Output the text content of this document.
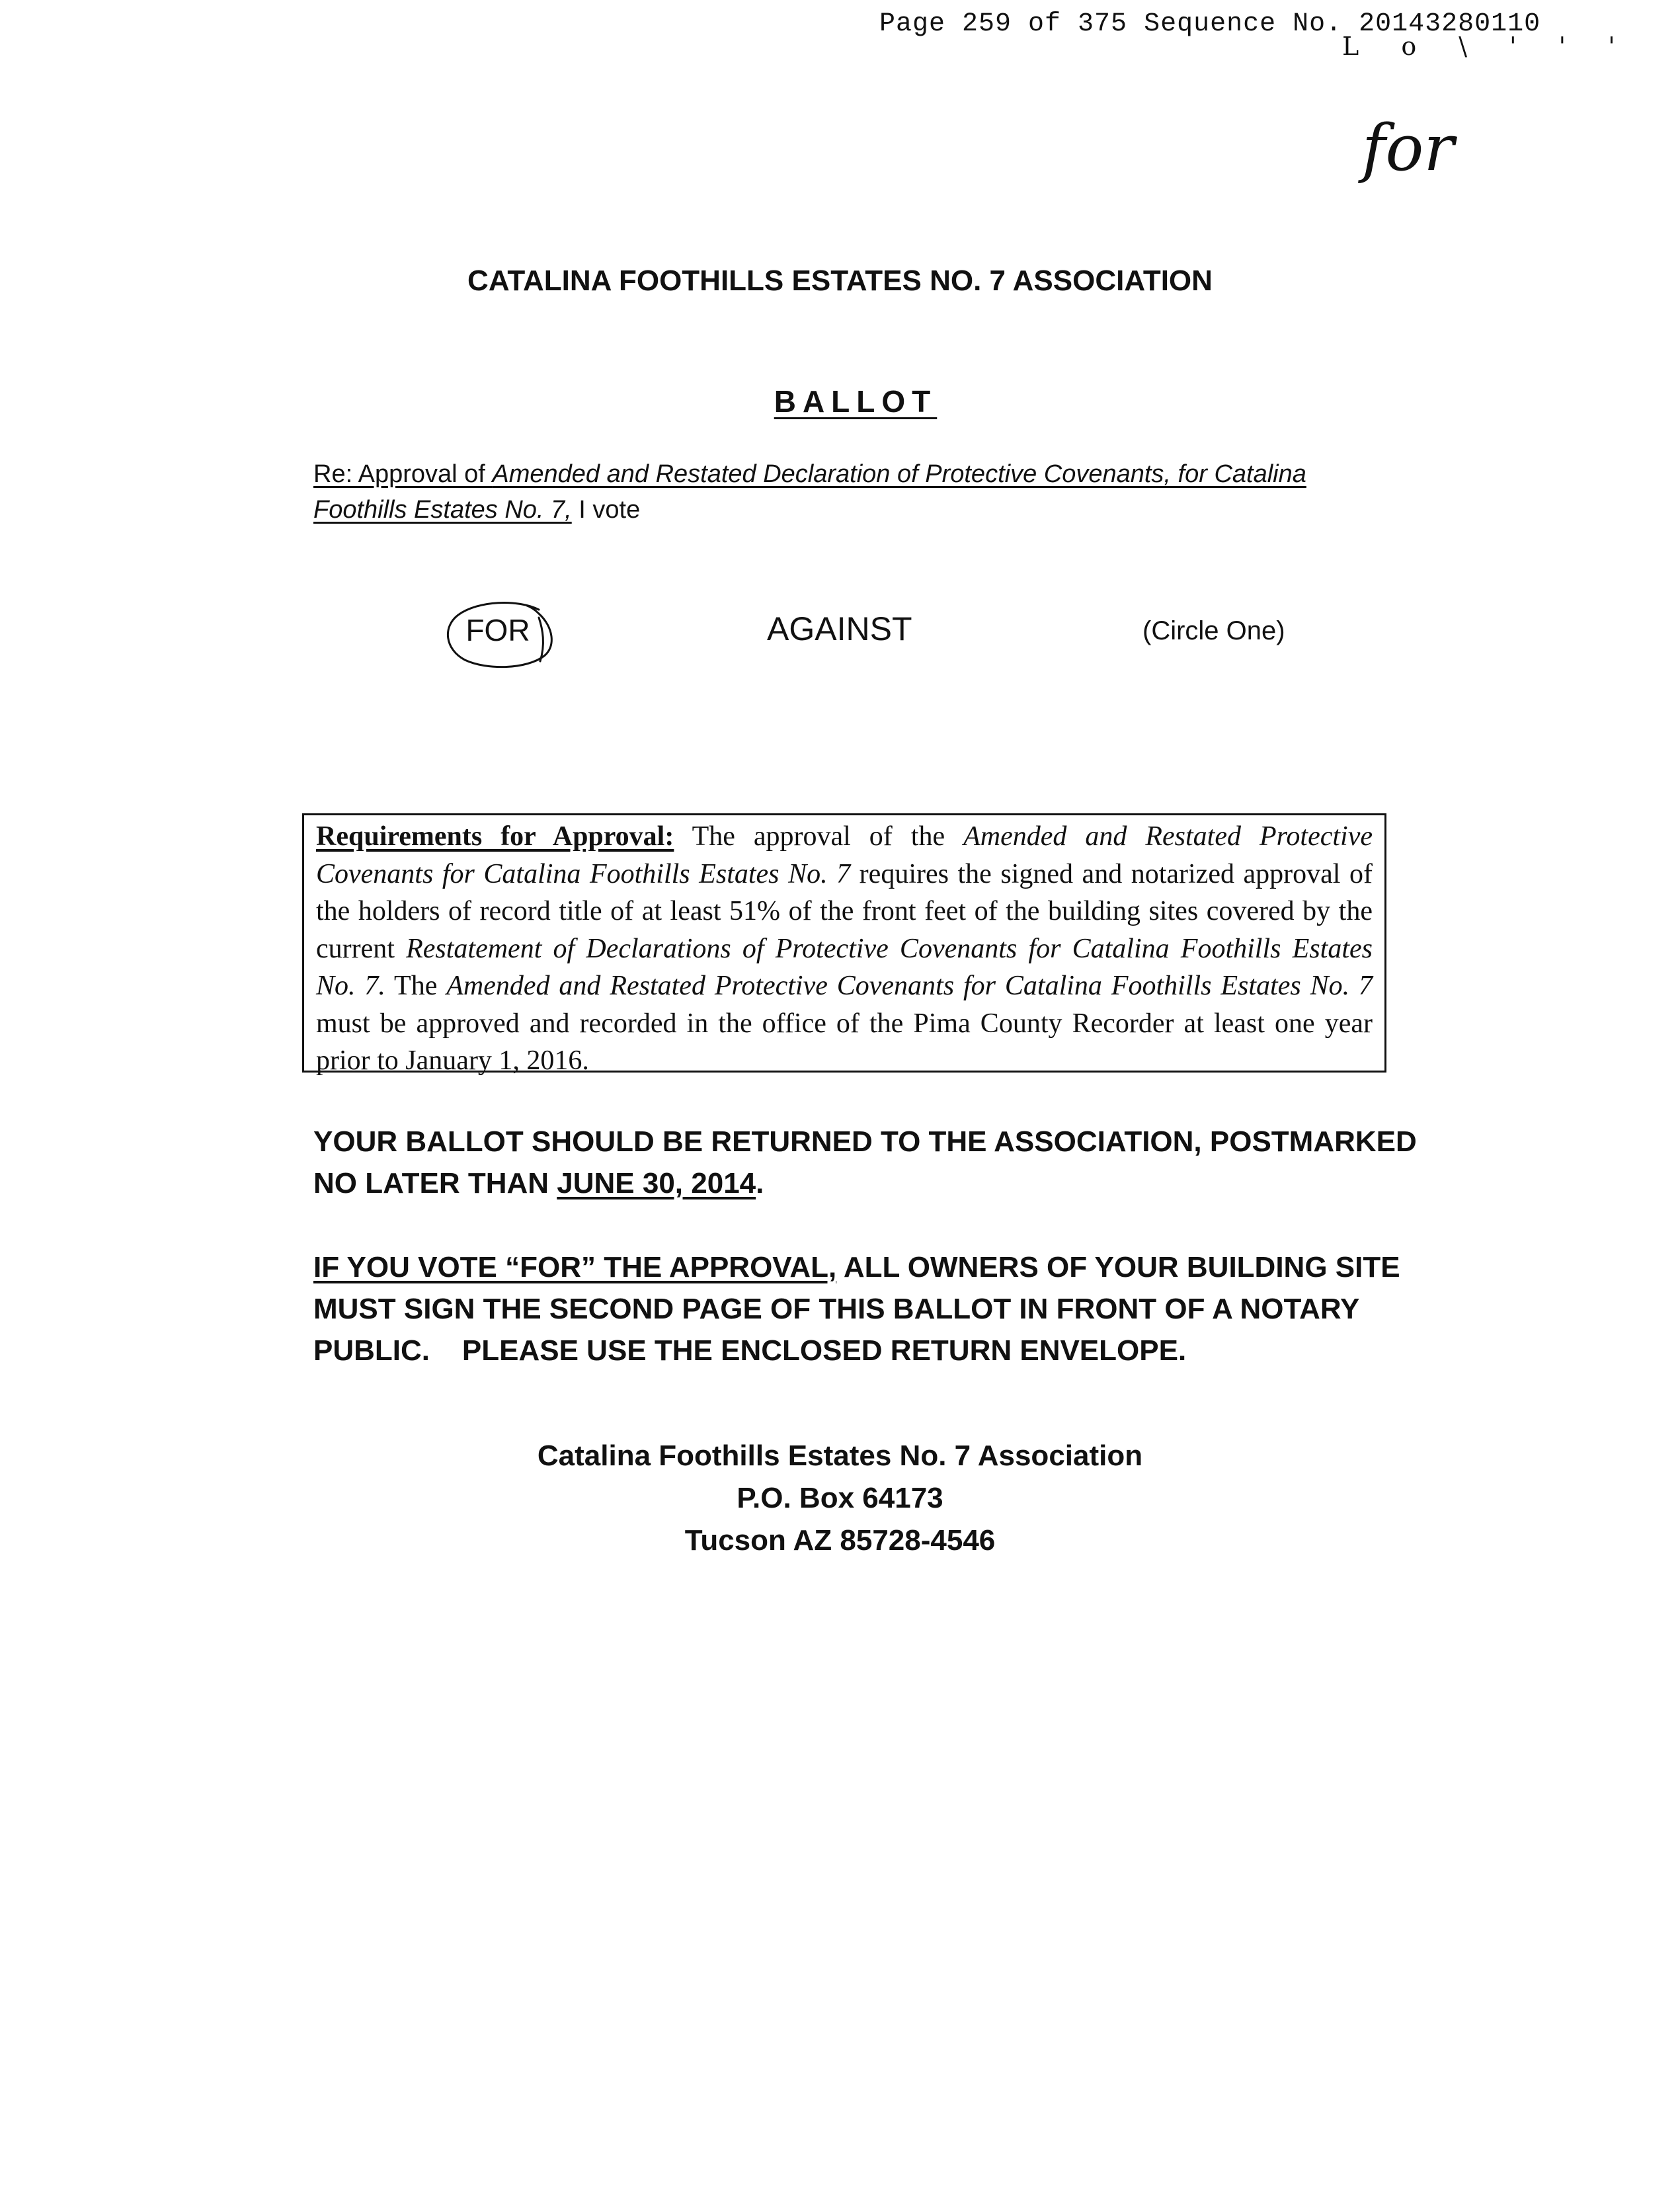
Page 259 of 375 Sequence No. 20143280110
L o \ ' ' '
for
CATALINA FOOTHILLS ESTATES NO. 7 ASSOCIATION
BALLOT
Re: Approval of Amended and Restated Declaration of Protective Covenants, for Catalina Foothills Estates No. 7, I vote
FOR	AGAINST	(Circle One)
Requirements for Approval: The approval of the Amended and Restated Protective Covenants for Catalina Foothills Estates No. 7 requires the signed and notarized approval of the holders of record title of at least 51% of the front feet of the building sites covered by the current Restatement of Declarations of Protective Covenants for Catalina Foothills Estates No. 7. The Amended and Restated Protective Covenants for Catalina Foothills Estates No. 7 must be approved and recorded in the office of the Pima County Recorder at least one year prior to January 1, 2016.
YOUR BALLOT SHOULD BE RETURNED TO THE ASSOCIATION, POSTMARKED NO LATER THAN JUNE 30, 2014.
IF YOU VOTE “FOR” THE APPROVAL, ALL OWNERS OF YOUR BUILDING SITE MUST SIGN THE SECOND PAGE OF THIS BALLOT IN FRONT OF A NOTARY PUBLIC. PLEASE USE THE ENCLOSED RETURN ENVELOPE.
Catalina Foothills Estates No. 7 Association
P.O. Box 64173
Tucson AZ 85728-4546
